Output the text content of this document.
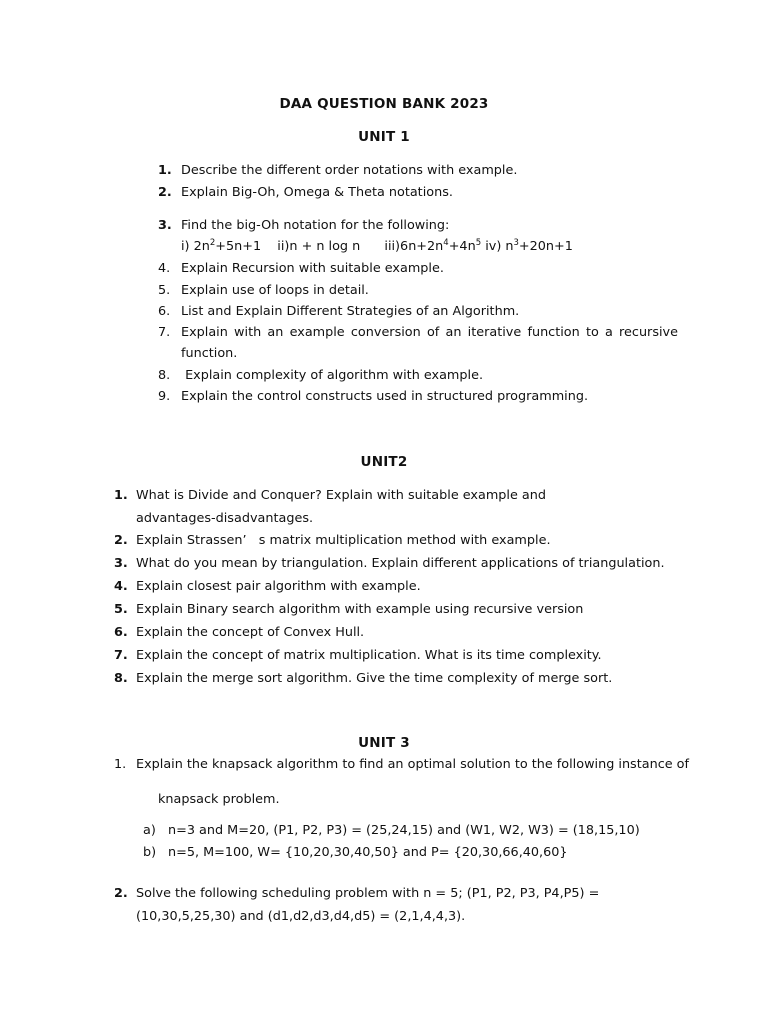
DAA QUESTION BANK 2023
UNIT 1
1. Describe the different order notations with example.
2. Explain Big-Oh, Omega & Theta notations.
3. Find the big-Oh notation for the following:
i) $2n^2+5n+1$ ii)n + n log n $iii)6n+2n^4+4n^5$ iv) $n^3+20n+1$
4. Explain Recursion with suitable example.
5. Explain use of loops in detail.
6. List and Explain Different Strategies of an Algorithm.
7. Explain with an example conversion of an iterative function to a recursive
function.
8. Explain complexity of algorithm with example.
9. Explain the control constructs used in structured programming.
UNIT2
1. What is Divide and Conquer? Explain with suitable example and
advantages-disadvantages.
2. Explain Strassen’   s matrix multiplication method with example.
3. What do you mean by triangulation. Explain different applications of triangulation.
4. Explain closest pair algorithm with example.
5. Explain Binary search algorithm with example using recursive version
6. Explain the concept of Convex Hull.
7. Explain the concept of matrix multiplication. What is its time complexity.
8. Explain the merge sort algorithm. Give the time complexity of merge sort.
UNIT 3
1. Explain the knapsack algorithm to find an optimal solution to the following instance of
knapsack problem.
a) n=3 and M=20, (P1, P2, P3) = (25,24,15) and (W1, W2, W3) = (18,15,10)
b) n=5, M=100, W= {10,20,30,40,50} and P= {20,30,66,40,60}
2. Solve the following scheduling problem with n = 5; (P1, P2, P3, P4,P5) =
(10,30,5,25,30) and (d1,d2,d3,d4,d5) = (2,1,4,4,3).
